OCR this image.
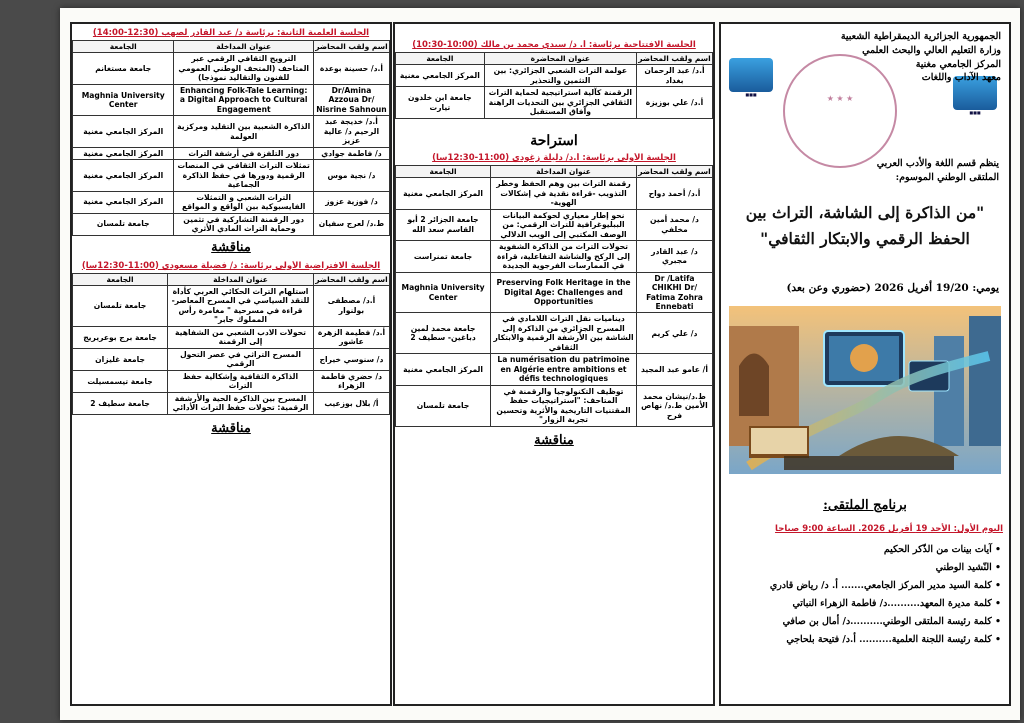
الجلسة العلمية الثانية: برئاسة د/ عبد القادر لصهب (12:30-14:00)
اسم ولقب المحاضر	عنوان المداخلة	الجامعة
أ.د/ حسينة بوعدة	الترويج الثقافي الرقمي عبر المتاحف (المتحف الوطني العمومي للفنون والتقاليد نموذجا)	جامعة مستغانم
Dr/Amina Azzoua Dr/ Nisrine Sahnoun	Enhancing Folk-Tale Learning: a Digital Approach to Cultural Engagement	Maghnia University Center
أ.د/ خديجة عبد الرحيم د/ عالية عزيز	الذاكرة الشعبية بين التقليد ومركزية العولمة	المركز الجامعي مغنية
د/ فاطمة جوادي	دور التلفزة في أرشفة التراث	المركز الجامعي مغنية
د/ نجية موس	تمثلات التراث الثقافي في المنصات الرقمية ودورها في حفظ الذاكرة الجماعية	المركز الجامعي مغنية
د/ فوزية عزوز	التراث الشعبي و التمثلات الفايسبوكية بين الواقع و المواقع	المركز الجامعي مغنية
ط.د/ لعرج سفيان	دور الرقمنة التشاركية في تثمين وحماية التراث المادي الأثري	جامعة تلمسان
مناقشة
الجلسة الافتراضية الأولى برئاسة: د/ فضيلة مسعودي (11:00-12:30سا)
اسم ولقب المحاضر	عنوان المداخلة	الجامعة
أ.د/ مصطفى بولنوار	استلهام التراث الحكائي العربي كأداة للنقد السياسي في المسرح المعاصر-قراءة في مسرحية " مغامرة رأس المملوك جابر"	جامعة تلمسان
أ.د/ فطيمة الزهرة عاشور	تحولات الادب الشعبي من الشفاهية إلى الرقمنة	جامعة برج بوعريريج
د/ سنوسي خيراج	المسرح التراثي في عصر التحول الرقمي	جامعة غليزان
د/ حضري فاطمة الزهراء	الذاكرة الثقافية وإشكالية حفظ التراث	جامعة تيسمسيلت
أ/ بلال بوزعيب	المسرح بين الذاكرة الحية والأرشفة الرقمية: تحولات حفظ التراث الأدائي	جامعة سطيف 2
مناقشة
الجلسة الافتتاحية برئاسة: أ. د/ سيدي محمد بن مالك (10:00-10:30)
اسم ولقب المحاضر	عنوان المحاضرة	الجامعة
أ.د/ عبد الرحمان بغداد	عولمة التراث الشعبي الجزائري: بين التثمين والتحذير	المركز الجامعي مغنية
أ.د/ علي بوزيزة	الرقمنة كآلية استراتيجية لحماية التراث الثقافي الجزائري بين التحديات الراهنة وآفاق المستقبل	جامعة ابن خلدون تيارت
استراحة
الجلسة الأولى برئاسة: أ.د/ دليلة زغودي (11:00-12:30سا)
اسم ولقب المحاضر	عنوان المداخلة	الجامعة
أ.د/ أحمد دواح	رقمنة التراث بين وهم الحفظ وخطر التذويب -قراءة نقدية في إشكالات الهوية-	المركز الجامعي مغنية
د/ محمد أمين مخلفي	نحو إطار معياري لحوكمة البيانات الببليوغرافية للتراث الرقمي: من الوصف المكتبي إلى الويب الدلالي	جامعة الجزائر 2 أبو القاسم سعد الله
د/ عبد القادر مجبري	تحولات التراث من الذاكرة الشفوية إلى الركح والشاشة التفاعلية، قراءة في الممارسات الفرجوية الجديدة	جامعة تمنراست
Dr /Latifa CHIKHI Dr/ Fatima Zohra Ennebati	Preserving Folk Heritage in the Digital Age: Challenges and Opportunities	Maghnia University Center
د/ علي كريم	ديناميات نقل التراث اللامادي في المسرح الجزائري من الذاكرة إلى الشاشة بين الأرشفة الرقمية والابتكار الثقافي	جامعة محمد لمين دباغين- سطيف 2
أ/ عامو عبد المجيد	La numérisation du patrimoine en Algérie entre ambitions et défis technologiques	المركز الجامعي مغنية
ط.د/نيشان محمد الأمين ط.د/ نهاص فرح	توظيف التكنولوجيا والرقمنة في المتاحف: "استراتيجيات حفظ المقتنيات التاريخية والأثرية وتحسين تجربة الزوار"	جامعة تلمسان
مناقشة
■■■
■■■
★ ★ ★
الجمهورية الجزائرية الديمقراطية الشعبية
وزارة التعليم العالي والبحث العلمي
المركز الجامعي مغنية
معهد الآداب واللغات
ينظم قسم اللغة والأدب العربي
الملتقى الوطني الموسوم:
"من الذاكرة إلى الشاشة، التراث بين
الحفظ الرقمي والابتكار الثقافي"
يومي: 19/20 أفريل 2026 (حضوري وعن بعد)
برنامج الملتقى:
اليوم الأول: الأحد 19 أفريل 2026. الساعة 9:00 صباحا
• آيات بينات من الذّكر الحكيم
• النّشيد الوطني
• كلمة السيد مدير المركز الجامعي....... أ. د/ رياض قادري
• كلمة مديرة المعهد..........د/ فاطمة الزهراء النباتي
• كلمة رئيسة الملتقى الوطني..........د/ أمال بن صافي
• كلمة رئيسة اللجنة العلمية.......... أ.د/ فتيحة بلحاجي
